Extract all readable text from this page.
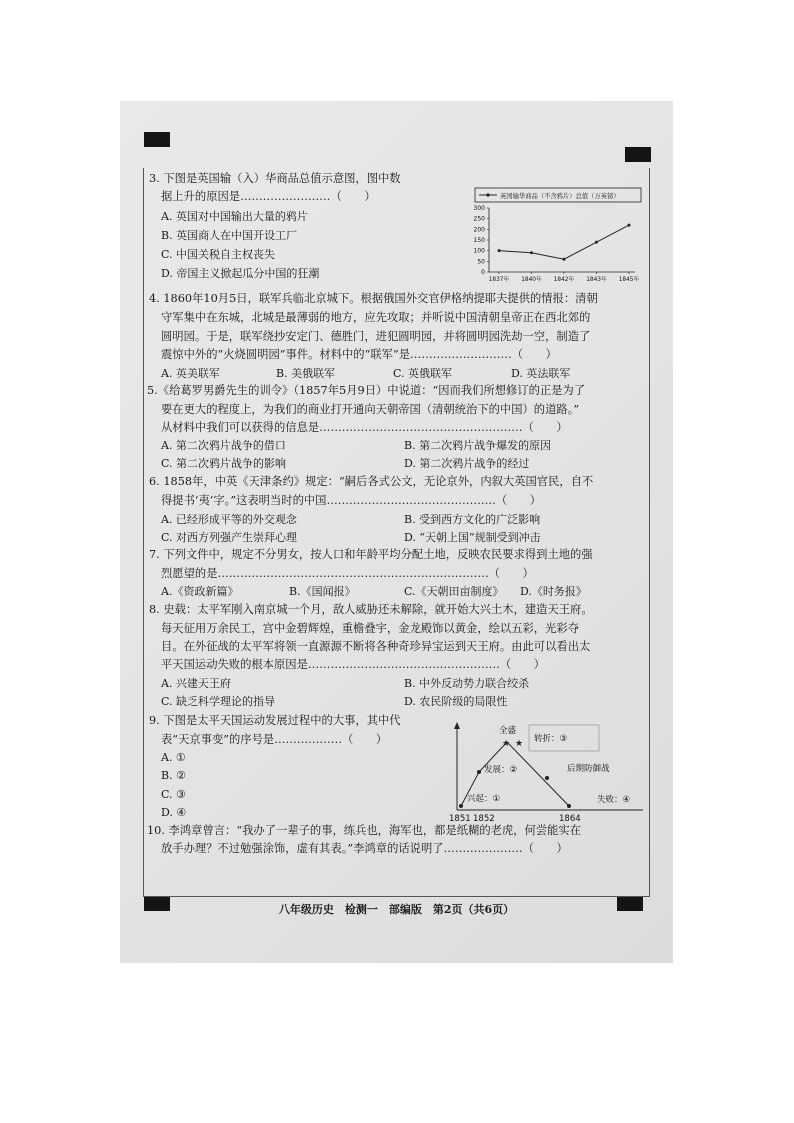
八年级历史　检测一　部编版　第2页（共6页）
3. 下图是英国输（入）华商品总值示意图，图中数
据上升的原因是……………………（　　）
A. 英国对中国输出大量的鸦片
B. 英国商人在中国开设工厂
C. 中国关税自主权丧失
D. 帝国主义掀起瓜分中国的狂潮
英国输华商品（不含鸦片）总值（万英镑）
0
50
100
150
200
250
300
1837年 1840年 1842年 1843年 1845年
4. 1860年10月5日，联军兵临北京城下。根据俄国外交官伊格纳提耶夫提供的情报：清朝
守军集中在东城，北城是最薄弱的地方，应先攻取；并听说中国清朝皇帝正在西北郊的
圆明园。于是，联军绕抄安定门、德胜门，进犯圆明园，并将圆明园洗劫一空，制造了
震惊中外的“火烧圆明园”事件。材料中的“联军”是………………………（　　）
A. 英美联军	B. 美俄联军	C. 英俄联军	D. 英法联军
5.《给葛罗男爵先生的训令》（1857年5月9日）中说道：“因而我们所想修订的正是为了
要在更大的程度上，为我们的商业打开通向天朝帝国（清朝统治下的中国）的道路。”
从材料中我们可以获得的信息是………………………………………………（　　）
A. 第二次鸦片战争的借口	B. 第二次鸦片战争爆发的原因
C. 第二次鸦片战争的影响	D. 第二次鸦片战争的经过
6. 1858年，中英《天津条约》规定：“嗣后各式公文，无论京外，内叙大英国官民，自不
得提书‘夷’字。”这表明当时的中国………………………………………（　　）
A. 已经形成平等的外交观念	B. 受到西方文化的广泛影响
C. 对西方列强产生崇拜心理	D. “天朝上国”规制受到冲击
7. 下列文件中，规定不分男女，按人口和年龄平均分配土地，反映农民要求得到土地的强
烈愿望的是………………………………………………………………（　　）
A.《资政新篇》	B.《国闻报》	C.《天朝田亩制度》 D.《时务报》
8. 史载：太平军刚入南京城一个月，敌人威胁还未解除，就开始大兴土木，建造天王府。
每天征用万余民工，宫中金碧辉煌，重檐叠宇，金龙殿饰以黄金，绘以五彩，光彩夺
目。在外征战的太平军将领一直源源不断将各种奇珍异宝运到天王府。由此可以看出太
平天国运动失败的根本原因是……………………………………………（　　）
A. 兴建天王府	B. 中外反动势力联合绞杀
C. 缺乏科学理论的指导	D. 农民阶级的局限性
9. 下图是太平天国运动发展过程中的大事，其中代
表“天京事变”的序号是………………（　　）
A. ①
B. ②
C. ③
D. ④
★ ★
全盛
兴起：①
发展：②
转折：③
后期防御战
失败：④
1851 1852	1864
10. 李鸿章曾言：“我办了一辈子的事，练兵也，海军也，都是纸糊的老虎，何尝能实在
放手办理？不过勉强涂饰，虚有其表。”李鸿章的话说明了…………………（　　）
